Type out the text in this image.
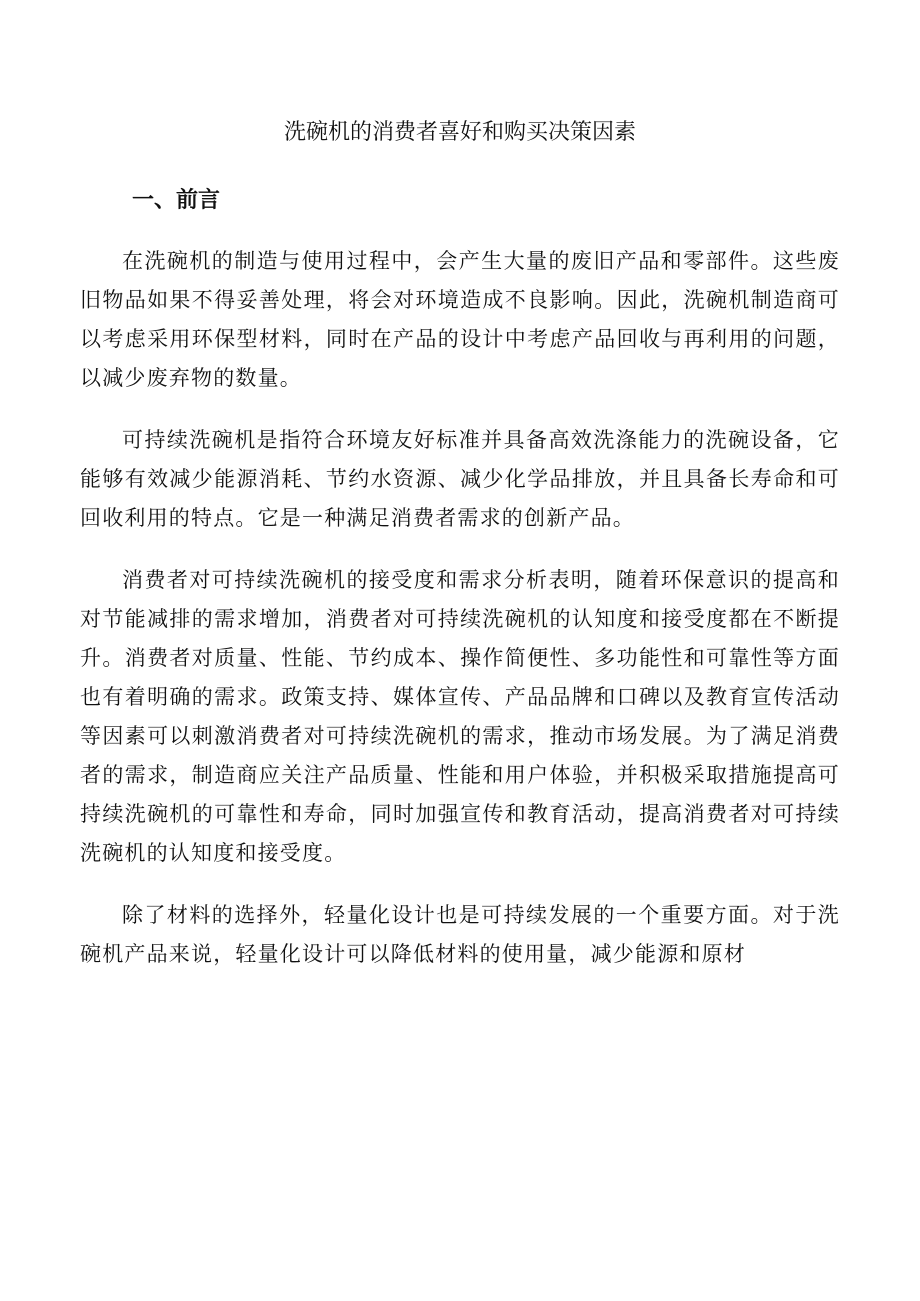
洗碗机的消费者喜好和购买决策因素
一、前言

在洗碗机的制造与使用过程中，会产生大量的废旧产品和零部件。这些废旧物品如果不得妥善处理，将会对环境造成不良影响。因此，洗碗机制造商可以考虑采用环保型材料，同时在产品的设计中考虑产品回收与再利用的问题，以减少废弃物的数量。

可持续洗碗机是指符合环境友好标准并具备高效洗涤能力的洗碗设备，它能够有效减少能源消耗、节约水资源、减少化学品排放，并且具备长寿命和可回收利用的特点。它是一种满足消费者需求的创新产品。

消费者对可持续洗碗机的接受度和需求分析表明，随着环保意识的提高和对节能减排的需求增加，消费者对可持续洗碗机的认知度和接受度都在不断提升。消费者对质量、性能、节约成本、操作简便性、多功能性和可靠性等方面也有着明确的需求。政策支持、媒体宣传、产品品牌和口碑以及教育宣传活动等因素可以刺激消费者对可持续洗碗机的需求，推动市场发展。为了满足消费者的需求，制造商应关注产品质量、性能和用户体验，并积极采取措施提高可持续洗碗机的可靠性和寿命，同时加强宣传和教育活动，提高消费者对可持续洗碗机的认知度和接受度。

除了材料的选择外，轻量化设计也是可持续发展的一个重要方面。对于洗碗机产品来说，轻量化设计可以降低材料的使用量，减少能源和原材
